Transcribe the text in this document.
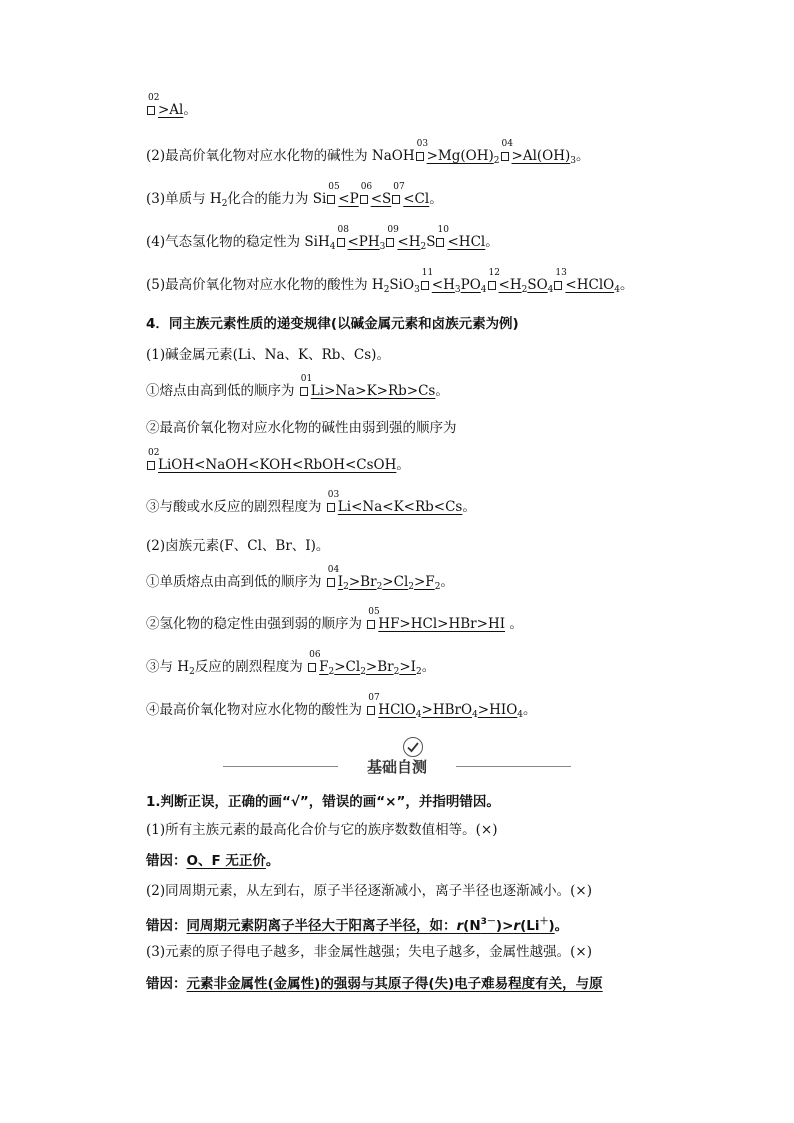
02
>Al。
(2)最高价氧化物对应水化物的碱性为 NaOH
03
$>Mg(OH)_2$
04
$>Al(OH)_3$。
(3)单质与 $H_2$化合的能力为 Si
05
<P
06
<S
07
<Cl。
(4)气态氢化物的稳定性为 SiH$_4$
08
$<PH_3$
09
$<H_2S$
10
<HCl。
(5)最高价氧化物对应水化物的酸性为 $H_2SiO_3$
11
$<H_3PO_4$
12
$<H_2SO_4$
13
<HClO$_4$。
4．同主族元素性质的递变规律(以碱金属元素和卤族元素为例)
(1)碱金属元素(Li、Na、K、Rb、Cs)。
①熔点由高到低的顺序为
01
Li>Na>K>Rb>Cs。
②最高价氧化物对应水化物的碱性由弱到强的顺序为
02
LiOH<NaOH<KOH<RbOH<CsOH。
③与酸或水反应的剧烈程度为
03
Li<Na<K<Rb<Cs。
(2)卤族元素(F、Cl、Br、I)。
①单质熔点由高到低的顺序为
04
$I_2>Br_2>Cl_2>F_2$。
②氢化物的稳定性由强到弱的顺序为
05
HF>HCl>HBr>HI 。
③与 $H_2$反应的剧烈程度为
06
$F_2>Cl_2>Br_2>I_2$。
④最高价氧化物对应水化物的酸性为
07
$HClO_4>HBrO_4>HIO_4$。
基础自测
1.判断正误，正确的画“√”，错误的画“×”，并指明错因。
(1)所有主族元素的最高化合价与它的族序数数值相等。(×)
错因：O、F 无正价。
(2)同周期元素，从左到右，原子半径逐渐减小，离子半径也逐渐减小。(×)
错因：同周期元素阴离子半径大于阳离子半径，如：$r(N^{3-})>r(Li^+)$。
(3)元素的原子得电子越多，非金属性越强；失电子越多，金属性越强。(×)
错因：元素非金属性(金属性)的强弱与其原子得(失)电子难易程度有关，与原
